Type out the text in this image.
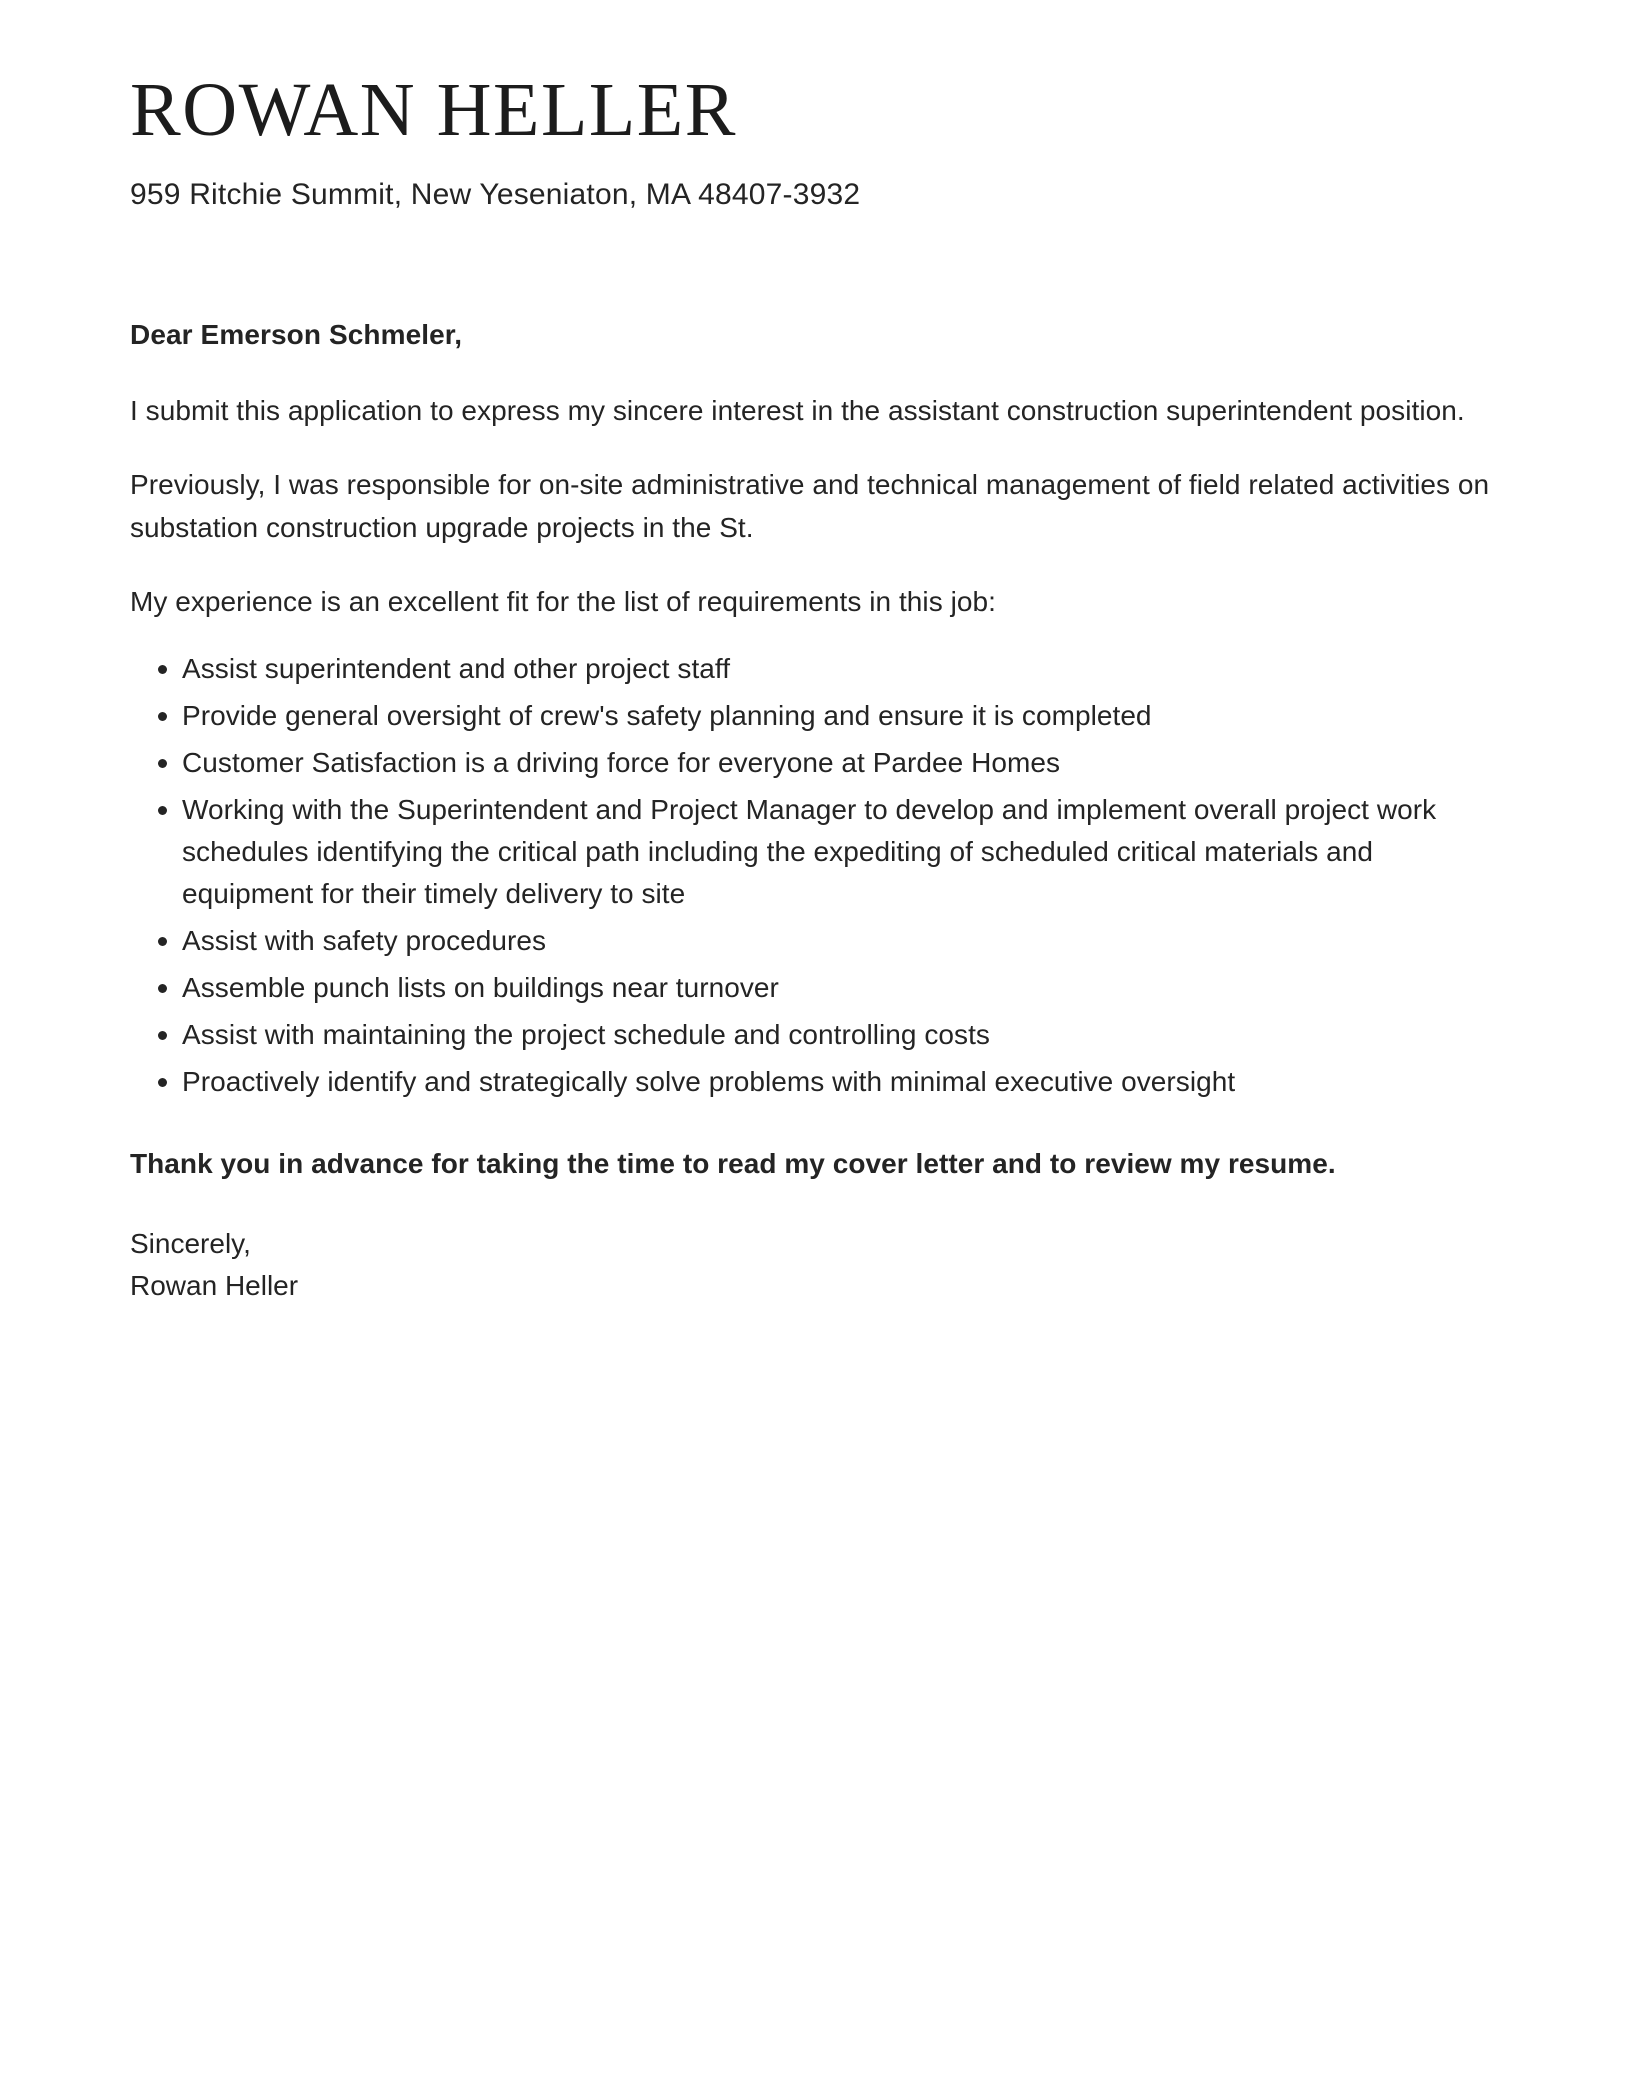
ROWAN HELLER
959 Ritchie Summit, New Yeseniaton, MA 48407-3932

Dear Emerson Schmeler,

I submit this application to express my sincere interest in the assistant construction superintendent position.

Previously, I was responsible for on-site administrative and technical management of field related activities on substation construction upgrade projects in the St.

My experience is an excellent fit for the list of requirements in this job:

Assist superintendent and other project staff
Provide general oversight of crew's safety planning and ensure it is completed
Customer Satisfaction is a driving force for everyone at Pardee Homes
Working with the Superintendent and Project Manager to develop and implement overall project work schedules identifying the critical path including the expediting of scheduled critical materials and equipment for their timely delivery to site
Assist with safety procedures
Assemble punch lists on buildings near turnover
Assist with maintaining the project schedule and controlling costs
Proactively identify and strategically solve problems with minimal executive oversight

Thank you in advance for taking the time to read my cover letter and to review my resume.

Sincerely,
Rowan Heller
